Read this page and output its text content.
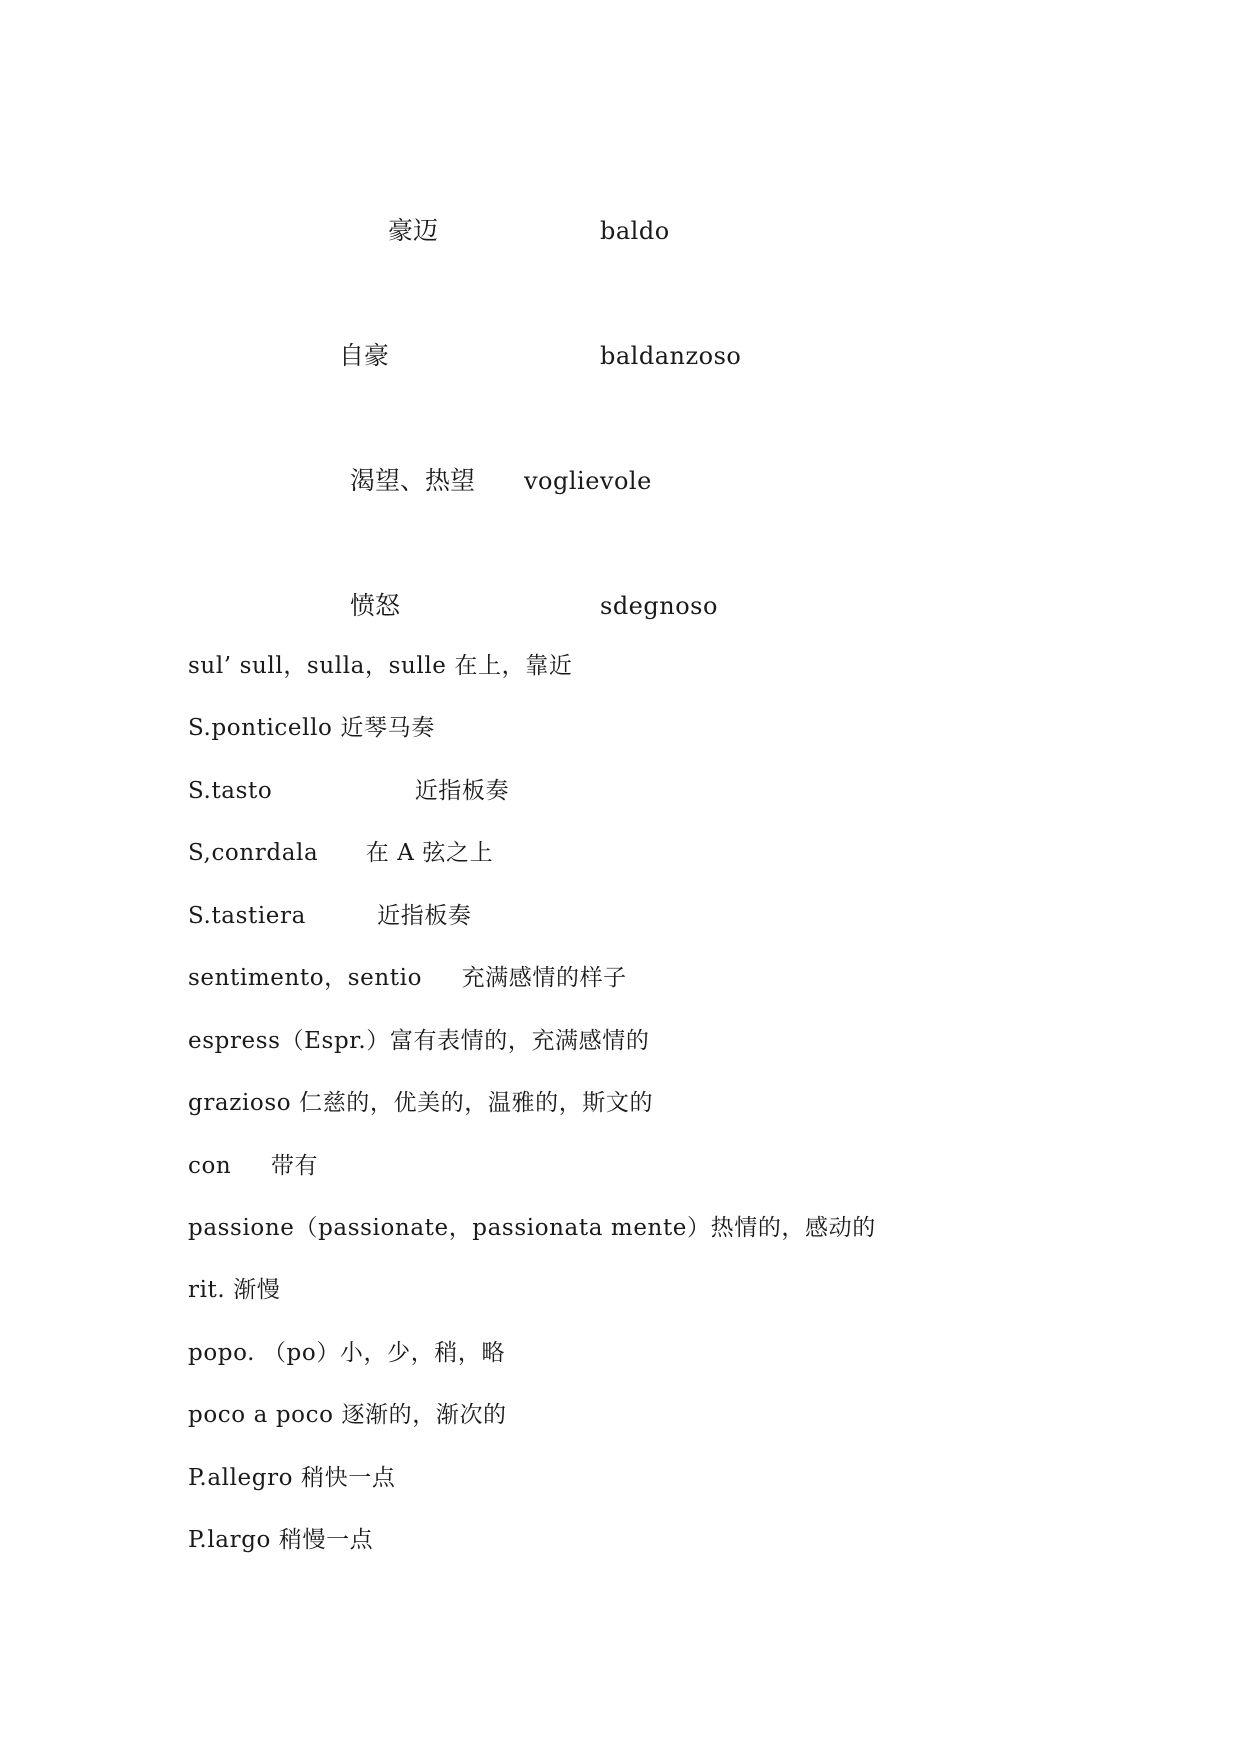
豪迈	baldo
自豪	baldanzoso
渴望、热望 voglievole
愤怒	sdegnoso
sul’ sull，sulla，sulle 在上，靠近
S.ponticello 近琴马奏
S.tasto                  近指板奏
S,conrdala      在 A 弦之上
S.tastiera         近指板奏
sentimento，sentio     充满感情的样子
espress（Espr.）富有表情的，充满感情的
grazioso 仁慈的，优美的，温雅的，斯文的
con     带有
passione（passionate，passionata mente）热情的，感动的
rit. 渐慢
popo. （po）小，少，稍，略
poco a poco 逐渐的，渐次的
P.allegro 稍快一点
P.largo 稍慢一点
